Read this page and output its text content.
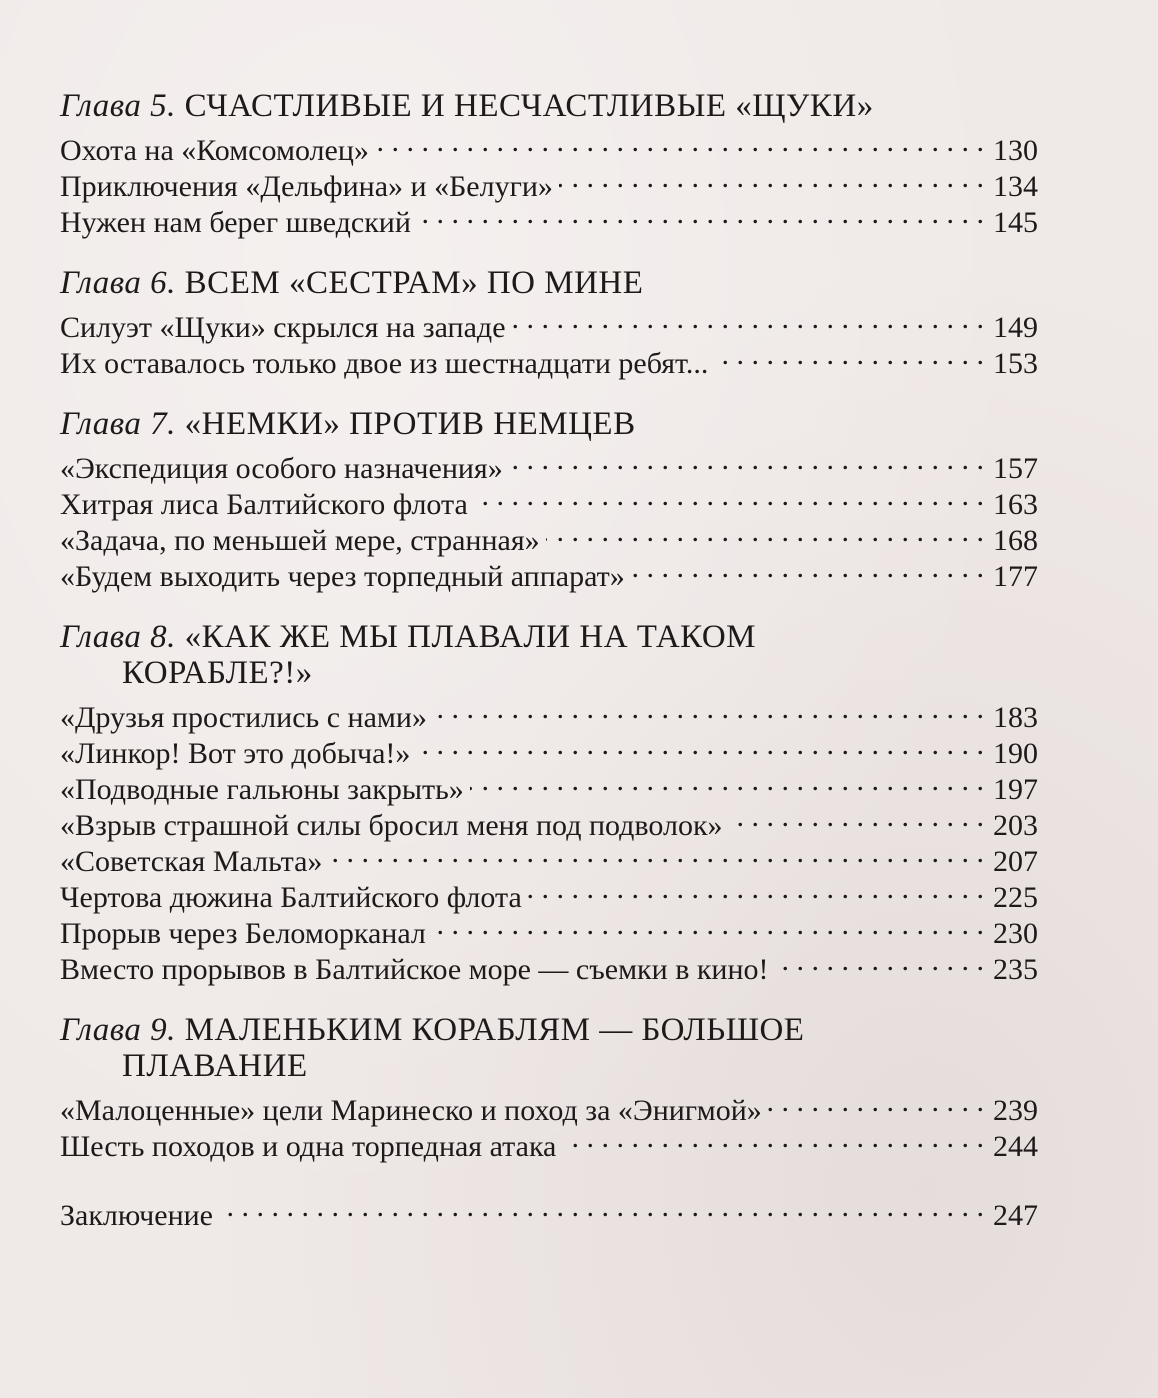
Глава 5. СЧАСТЛИВЫЕ И НЕСЧАСТЛИВЫЕ «ЩУКИ»
Охота на «Комсомолец» . . .	130
Приключения «Дельфина» и «Белуги» . . .	134
Нужен нам берег шведский . . .	145
Глава 6. ВСЕМ «СЕСТРАМ» ПО МИНЕ
Силуэт «Щуки» скрылся на западе . . .	149
Их оставалось только двое из шестнадцати ребят... . . .	153
Глава 7. «НЕМКИ» ПРОТИВ НЕМЦЕВ
«Экспедиция особого назначения» . . .	157
Хитрая лиса Балтийского флота . . .	163
«Задача, по меньшей мере, странная» . . .	168
«Будем выходить через торпедный аппарат» . . .	177
Глава 8. «КАК ЖЕ МЫ ПЛАВАЛИ НА ТАКОМ
КОРАБЛЕ?!»
«Друзья простились с нами» . . .	183
«Линкор! Вот это добыча!» . . .	190
«Подводные гальюны закрыть» . . .	197
«Взрыв страшной силы бросил меня под подволок» . . .	203
«Советская Мальта» . . .	207
Чертова дюжина Балтийского флота . . .	225
Прорыв через Беломорканал . . .	230
Вместо прорывов в Балтийское море — съемки в кино! . . .	235
Глава 9. МАЛЕНЬКИМ КОРАБЛЯМ — БОЛЬШОЕ
ПЛАВАНИЕ
«Малоценные» цели Маринеско и поход за «Энигмой» . . .	239
Шесть походов и одна торпедная атака . . .	244
Заключение . . .	247
